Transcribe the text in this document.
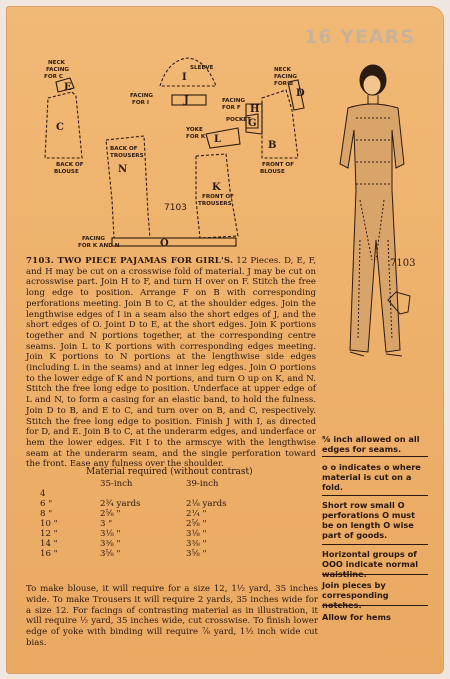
16 YEARS
C
I
J
B
D
G
L
N
K
E
H
O
NECK
FACING
FOR C
SLEEVE
FACING
FOR I	FACING
FOR F
NECK
FACING
FOR B
POCKET
YOKE
FOR K
BACK OF
TROUSERS
BACK OF
BLOUSE
FRONT OF
BLOUSE
FRONT OF
TROUSERS
7103
FACING
FOR K AND N
7103
7103. TWO PIECE PAJAMAS FOR GIRL'S. 12 Pieces. D, E, F, and H may be cut on a crosswise fold of material. J may be cut on acrosswise part. Join H to F, and turn H over on F. Stitch the free long edge to position. Arrange F on B with corresponding perforations meeting. Join B to C, at the shoulder edges. Join the lengthwise edges of I in a seam also the short edges of J, and the short edges of O. Joint D to E, at the short edges. Join K portions together and N portions together, at the corresponding centre seams. Join L to K portions with corresponding edges meeting. Join K portions to N portions at the lengthwise side edges (including L in the seams) and at inner leg edges. Join O portions to the lower edge of K and N portions, and turn O up on K, and N. Stitch the free long edge to position. Underface at upper edge of L and N, to form a casing for an elastic band, to hold the fulness. Join D to B, and E to C, and turn over on B, and C, respectively. Stitch the free long edge to position. Finish J with I, as directed for D, and E. Join B to C, at the underarm edges, and underface or hem the lower edges. Fit I to the armscye with the lengthwise seam at the underarm seam, and the single perforation toward the front. Ease any fulness over the shoulder.
Material required (without contrast)
	35-inch	39-inch
4		
6 "	2¾ yards	2⅛ yards
8 "	2⅝ "	2¼ "
10 "	3 "	2⅝ "
12 "	3⅛ "	3⅛ "
14 "	3⅜ "	3⅜ "
16 "	3⅝ "	3⅝ "

To make blouse, it will require for a size 12, 1½ yard, 35 inches wide. To make Trousers it will require 2 yards, 35 inches wide for a size 12. For facings of contrasting material as in illustration, it will require ½ yard, 35 inches wide, cut crosswise. To finish lower edge of yoke with binding will require ⅞ yard, 1½ inch wide cut bias.
⅝ inch allowed on all edges for seams.
o o indicates o where material is cut on a fold.
Short row small O perforations O must be on length O wise part of goods.
Horizontal groups of OOO indicate normal waistline.
Join pieces by corresponding notches.
Allow for hems
